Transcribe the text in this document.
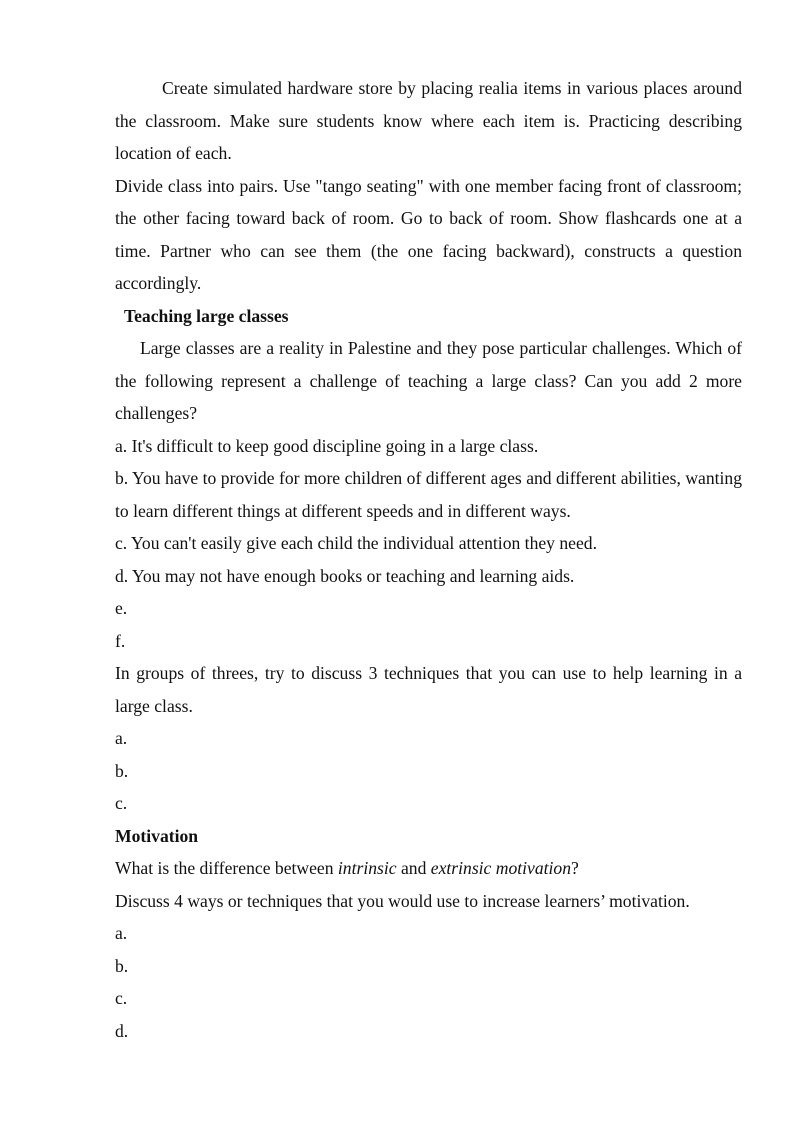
Create simulated hardware store by placing realia items in various places around the classroom. Make sure students know where each item is. Practicing describing location of each.

Divide class into pairs. Use "tango seating" with one member facing front of classroom; the other facing toward back of room. Go to back of room. Show flashcards one at a time. Partner who can see them (the one facing backward), constructs a question accordingly.

Teaching large classes

Large classes are a reality in Palestine and they pose particular challenges. Which of the following represent a challenge of teaching a large class? Can you add 2 more challenges?

a. It's difficult to keep good discipline going in a large class.

b. You have to provide for more children of different ages and different abilities, wanting to learn different things at different speeds and in different ways.

c. You can't easily give each child the individual attention they need.

d. You may not have enough books or teaching and learning aids.

e.

f.

In groups of threes, try to discuss 3 techniques that you can use to help learning in a large class.

a.

b.

c.

Motivation

What is the difference between intrinsic and extrinsic motivation?

Discuss 4 ways or techniques that you would use to increase learners’ motivation.

a.

b.

c.

d.
